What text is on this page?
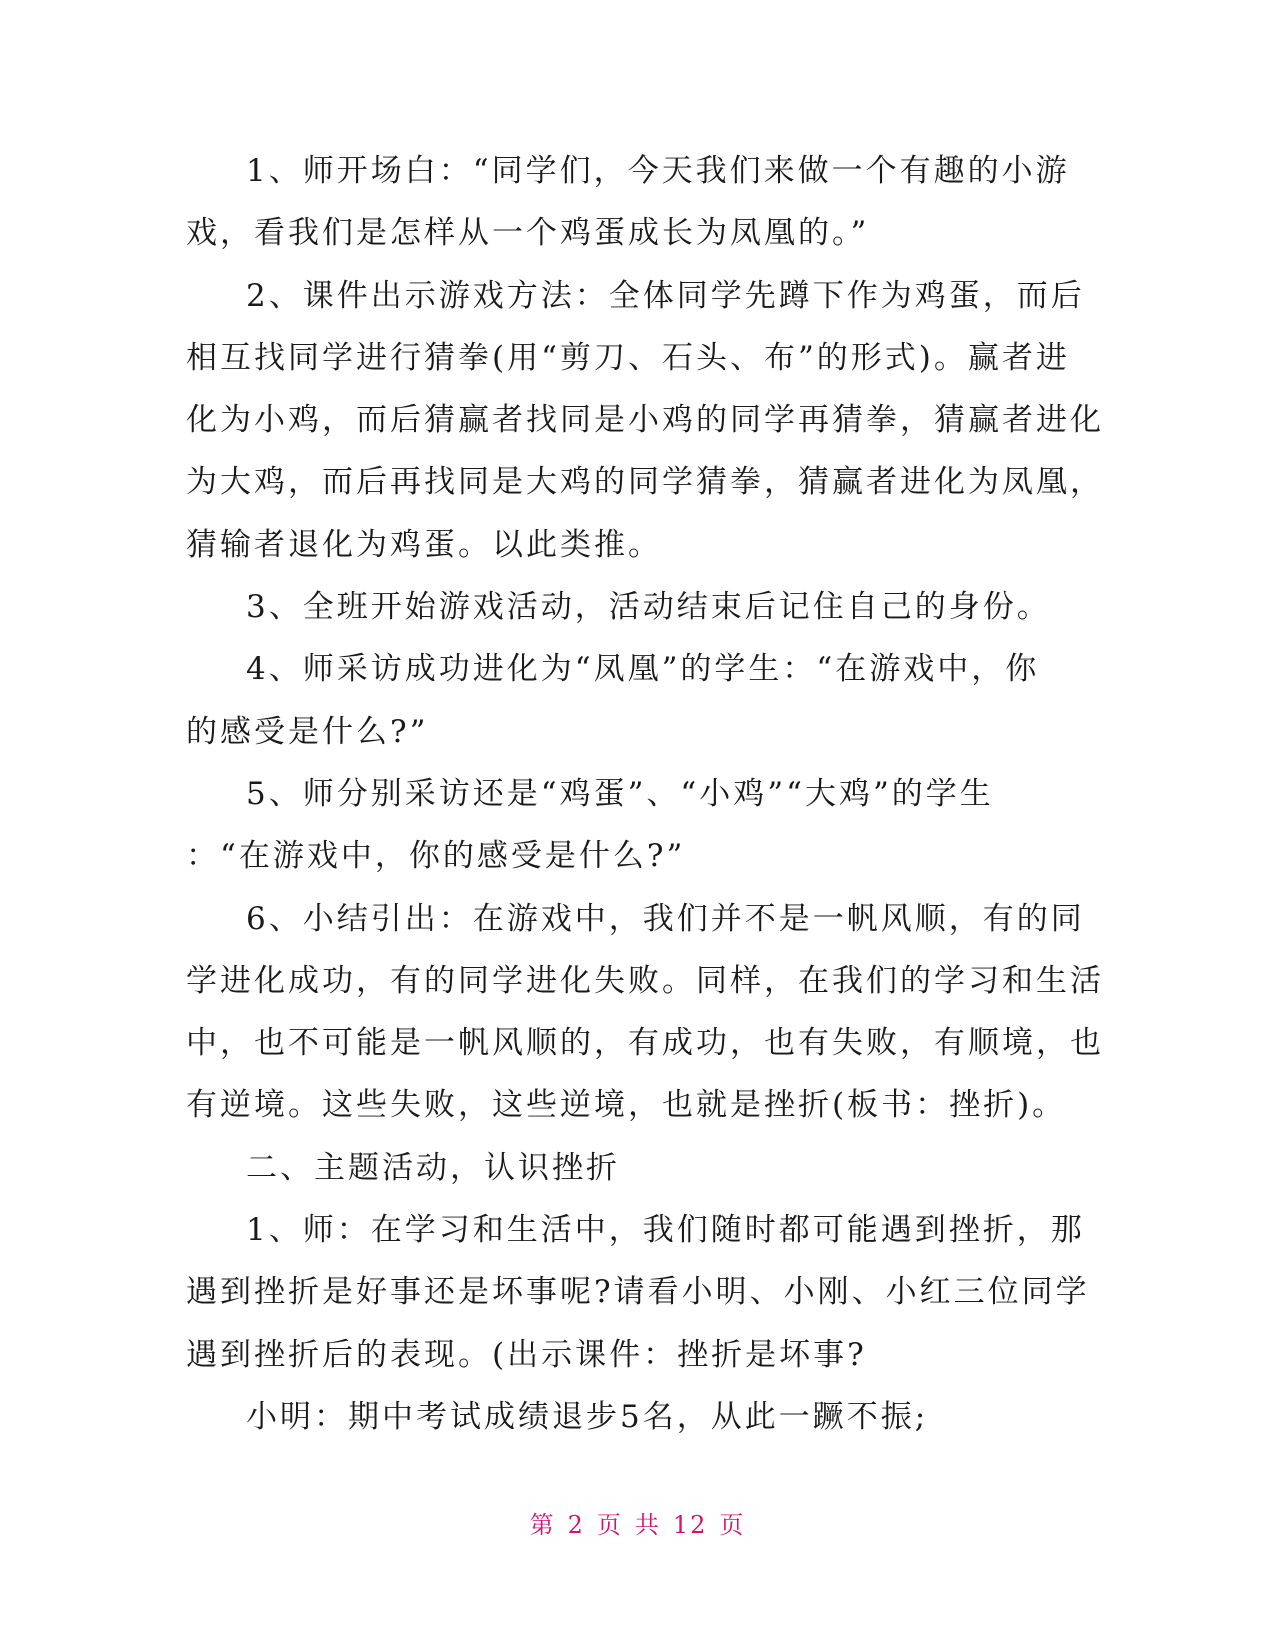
1、师开场白：“同学们，今天我们来做一个有趣的小游
戏，看我们是怎样从一个鸡蛋成长为凤凰的。”
2、课件出示游戏方法：全体同学先蹲下作为鸡蛋，而后
相互找同学进行猜拳(用“剪刀、石头、布”的形式)。赢者进
化为小鸡，而后猜赢者找同是小鸡的同学再猜拳，猜赢者进化
为大鸡，而后再找同是大鸡的同学猜拳，猜赢者进化为凤凰，
猜输者退化为鸡蛋。以此类推。
3、全班开始游戏活动，活动结束后记住自己的身份。
4、师采访成功进化为“凤凰”的学生：“在游戏中，你
的感受是什么?”
5、师分别采访还是“鸡蛋”、“小鸡”“大鸡”的学生
：“在游戏中，你的感受是什么?”
6、小结引出：在游戏中，我们并不是一帆风顺，有的同
学进化成功，有的同学进化失败。同样，在我们的学习和生活
中，也不可能是一帆风顺的，有成功，也有失败，有顺境，也
有逆境。这些失败，这些逆境，也就是挫折(板书：挫折)。
二、主题活动，认识挫折
1、师：在学习和生活中，我们随时都可能遇到挫折，那
遇到挫折是好事还是坏事呢?请看小明、小刚、小红三位同学
遇到挫折后的表现。(出示课件：挫折是坏事?
小明：期中考试成绩退步5名，从此一蹶不振;
第 2 页 共 12 页
